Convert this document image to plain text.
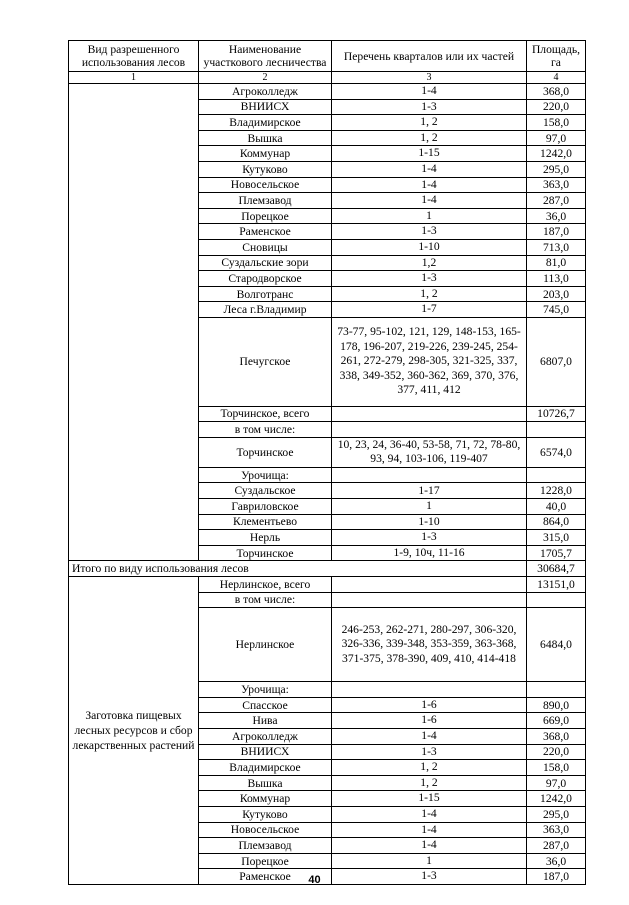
Вид разрешенного использования лесов	Наименование участкового лесничества	Перечень кварталов или их частей	Площадь, га
1	2	3	4
	Агроколледж	1-4	368,0
	ВНИИСХ	1-3	220,0
	Владимирское	1, 2	158,0
	Вышка	1, 2	97,0
	Коммунар	1-15	1242,0
	Кутуково	1-4	295,0
	Новосельское	1-4	363,0
	Племзавод	1-4	287,0
	Порецкое	1	36,0
	Раменское	1-3	187,0
	Сновицы	1-10	713,0
	Суздальские зори	1,2	81,0
	Стародворское	1-3	113,0
	Волготранс	1, 2	203,0
	Леса г.Владимир	1-7	745,0
	Печугское	73-77, 95-102, 121, 129, 148-153, 165-178, 196-207, 219-226, 239-245, 254-261, 272-279, 298-305, 321-325, 337, 338, 349-352, 360-362, 369, 370, 376, 377, 411, 412	6807,0
	Торчинское, всего		10726,7
	в том числе:		
	Торчинское	10, 23, 24, 36-40, 53-58, 71, 72, 78-80, 93, 94, 103-106, 119-407	6574,0
	Урочища:		
	Суздальское	1-17	1228,0
	Гавриловское	1	40,0
	Клементьево	1-10	864,0
	Нерль	1-3	315,0
	Торчинское	1-9, 10ч, 11-16	1705,7
Итого по виду использования лесов			30684,7
Заготовка пищевых лесных ресурсов и сбор лекарственных растений	Нерлинское, всего		13151,0
	в том числе:		
	Нерлинское	246-253, 262-271, 280-297, 306-320, 326-336, 339-348, 353-359, 363-368, 371-375, 378-390, 409, 410, 414-418	6484,0
	Урочища:		
	Спасское	1-6	890,0
	Нива	1-6	669,0
	Агроколледж	1-4	368,0
	ВНИИСХ	1-3	220,0
	Владимирское	1, 2	158,0
	Вышка	1, 2	97,0
	Коммунар	1-15	1242,0
	Кутуково	1-4	295,0
	Новосельское	1-4	363,0
	Племзавод	1-4	287,0
	Порецкое	1	36,0
	Раменское	1-3	187,0
40
